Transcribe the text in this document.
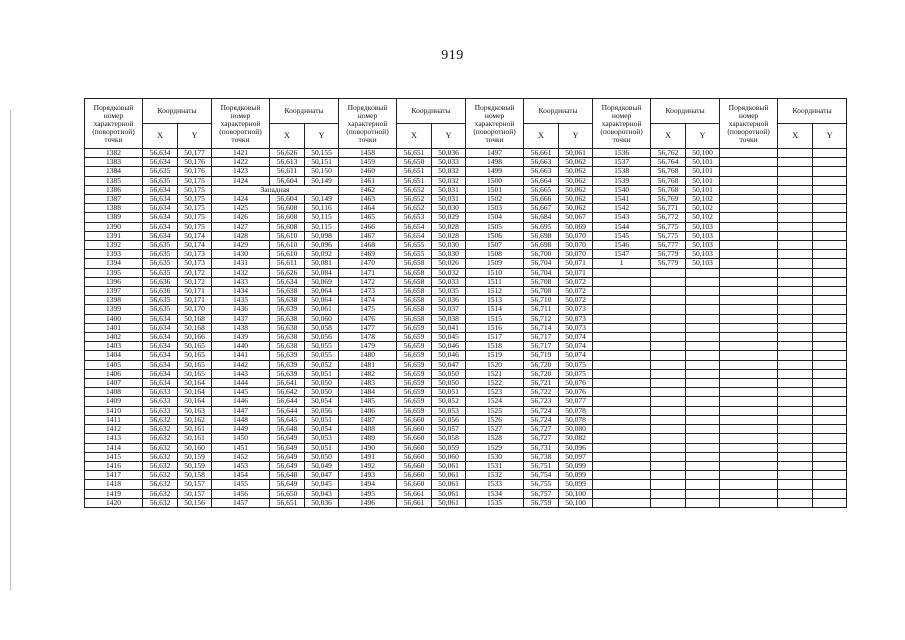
919
Порядковый номер характерной (поворотной) точки	Координаты		Порядковый номер характерной (поворотной) точки	Координаты		Порядковый номер характерной (поворотной) точки	Координаты		Порядковый номер характерной (поворотной) точки	Координаты		Порядковый номер характерной (поворотной) точки	Координаты		Порядковый номер характерной (поворотной) точки	Координаты	
	X	Y		X	Y		X	Y		X	Y		X	Y		X	Y
1382	56,634	50,177	1421	56,626	50,155	1458	56,651	50,036	1497	56,661	50,061	1536	56,762	50,100			
1383	56,634	50,176	1422	56,613	50,151	1459	56,650	50,033	1498	56,663	50,062	1537	56,764	50,101			
1384	56,635	50,176	1423	56,611	50,150	1460	56,651	50,032	1499	56,663	50,062	1538	56,768	50,101			
1385	56,635	50,175	1424	56,604	50,149	1461	56,651	50,032	1500	56,664	50,062	1539	56,768	50,101			
1386	56,634	50,175	Западная			1462	56,652	50,031	1501	56,665	50,062	1540	56,768	50,101			
1387	56,634	50,175	1424	56,604	50,149	1463	56,652	50,031	1502	56,666	50,062	1541	56,769	50,102			
1388	56,634	50,175	1425	56,608	50,116	1464	56,652	50,030	1503	56,667	50,062	1542	56,771	50,102			
1389	56,634	50,175	1426	56,608	50,115	1465	56,653	50,029	1504	56,684	50,067	1543	56,772	50,102			
1390	56,634	50,175	1427	56,608	50,115	1466	56,654	50,028	1505	56,695	50,069	1544	56,775	50,103			
1391	56,634	50,174	1428	56,610	50,098	1467	56,654	50,028	1506	56,698	50,070	1545	56,775	50,103			
1392	56,635	50,174	1429	56,610	50,096	1468	56,655	50,030	1507	56,698	50,070	1546	56,777	50,103			
1393	56,635	50,173	1430	56,610	50,092	1469	56,655	50,030	1508	56,700	50,070	1547	56,779	50,103			
1394	56,635	50,173	1431	56,611	50,081	1470	56,658	50,026	1509	56,704	50,071	1	56,779	50,103			
1395	56,635	50,172	1432	56,626	50,084	1471	56,658	50,032	1510	56,704	50,071						
1396	56,636	50,172	1433	56,634	50,069	1472	56,658	50,033	1511	56,708	50,072						
1397	56,636	50,171	1434	56,638	50,064	1473	56,658	50,035	1512	56,708	50,072						
1398	56,635	50,171	1435	56,638	50,064	1474	56,658	50,036	1513	56,710	50,072						
1399	56,635	50,170	1436	56,639	50,061	1475	56,658	50,037	1514	56,711	50,073						
1400	56,634	50,168	1437	56,638	50,060	1476	56,658	50,038	1515	56,712	50,073						
1401	56,634	50,168	1438	56,638	50,058	1477	56,659	50,041	1516	56,714	50,073						
1402	56,634	50,166	1439	56,638	50,056	1478	56,659	50,045	1517	56,717	50,074						
1403	56,634	50,165	1440	56,638	50,055	1479	56,659	50,046	1518	56,717	50,074						
1404	56,634	50,165	1441	56,639	50,055	1480	56,659	50,046	1519	56,719	50,074						
1405	56,634	50,165	1442	56,639	50,052	1481	56,659	50,047	1520	56,720	50,075						
1406	56,634	50,165	1443	56,639	50,051	1482	56,659	50,050	1521	56,720	50,075						
1407	56,634	50,164	1444	56,641	50,050	1483	56,659	50,050	1522	56,721	50,076						
1408	56,633	50,164	1445	56,642	50,050	1484	56,659	50,051	1523	56,722	50,076						
1409	56,633	50,164	1446	56,644	50,054	1485	56,659	50,052	1524	56,723	50,077						
1410	56,633	50,163	1447	56,644	50,056	1486	56,659	50,053	1525	56,724	50,078						
1411	56,632	50,162	1448	56,645	50,051	1487	56,660	50,056	1526	56,724	50,078						
1412	56,632	50,161	1449	56,648	50,054	1488	56,660	50,057	1527	56,727	50,080						
1413	56,632	50,161	1450	56,649	50,053	1489	56,660	50,058	1528	56,727	50,082						
1414	56,632	50,160	1451	56,649	50,051	1490	56,660	50,059	1529	56,731	50,096						
1415	56,632	50,159	1452	56,649	50,050	1491	56,660	50,060	1530	56,738	50,097						
1416	56,632	50,159	1453	56,649	50,049	1492	56,660	50,061	1531	56,751	50,099						
1417	56,632	50,158	1454	56,648	50,047	1493	56,660	50,061	1532	56,754	50,099						
1418	56,632	50,157	1455	56,649	50,045	1494	56,660	50,061	1533	56,755	50,099						
1419	56,632	50,157	1456	56,650	50,043	1495	56,661	50,061	1534	56,757	50,100						
1420	56,632	50,156	1457	56,651	50,036	1496	56,661	50,061	1535	56,759	50,100						
